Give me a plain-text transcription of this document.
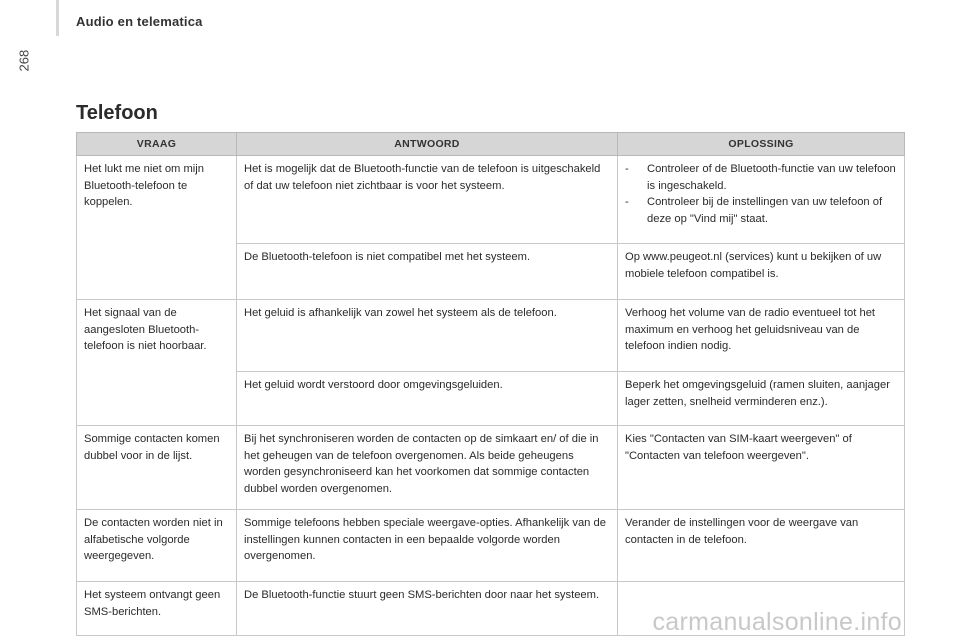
Audio en telematica
268
Telefoon
VRAAG	ANTWOORD	OPLOSSING
Het lukt me niet om mijn Bluetooth-telefoon te koppelen.	Het is mogelijk dat de Bluetooth-functie van de telefoon is uitgeschakeld of dat uw telefoon niet zichtbaar is voor het systeem.	- Controleer of de Bluetooth-functie van uw telefoon is ingeschakeld.
- Controleer bij de instellingen van uw telefoon of deze op "Vind mij" staat.

	De Bluetooth-telefoon is niet compatibel met het systeem.	Op www.peugeot.nl (services) kunt u bekijken of uw mobiele telefoon compatibel is.
Het signaal van de aangesloten Bluetooth-telefoon is niet hoorbaar.	Het geluid is afhankelijk van zowel het systeem als de telefoon.	Verhoog het volume van de radio eventueel tot het maximum en verhoog het geluidsniveau van de telefoon indien nodig.
	Het geluid wordt verstoord door omgevingsgeluiden.	Beperk het omgevingsgeluid (ramen sluiten, aanjager lager zetten, snelheid verminderen enz.).
Sommige contacten komen dubbel voor in de lijst.	Bij het synchroniseren worden de contacten op de simkaart en/ of die in het geheugen van de telefoon overgenomen. Als beide geheugens worden gesynchroniseerd kan het voorkomen dat sommige contacten dubbel worden overgenomen.	Kies "Contacten van SIM-kaart weergeven" of "Contacten van telefoon weergeven".
De contacten worden niet in alfabetische volgorde weergegeven.	Sommige telefoons hebben speciale weergave-opties. Afhankelijk van de instellingen kunnen contacten in een bepaalde volgorde worden overgenomen.	Verander de instellingen voor de weergave van contacten in de telefoon.
Het systeem ontvangt geen SMS-berichten.	De Bluetooth-functie stuurt geen SMS-berichten door naar het systeem.	
carmanualsonline.info
